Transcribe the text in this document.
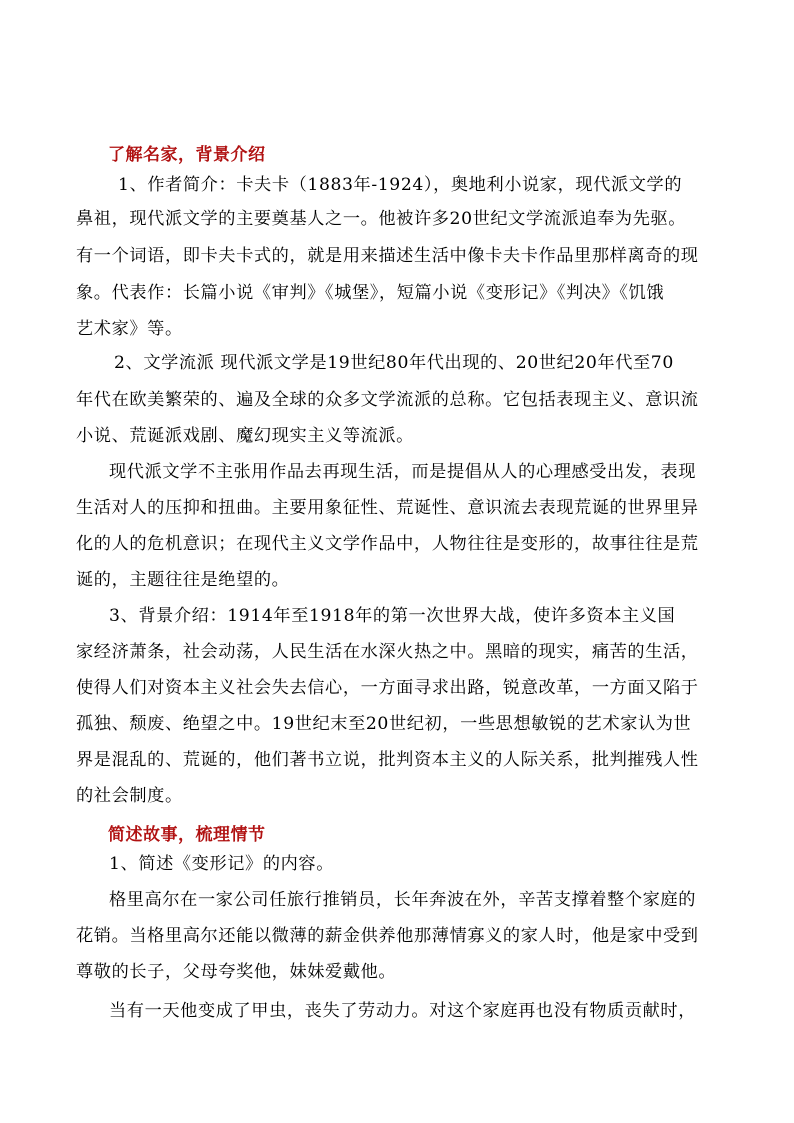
了解名家，背景介绍
1、作者简介：卡夫卡（1883年-1924），奥地利小说家，现代派文学的
鼻祖，现代派文学的主要奠基人之一。他被许多20世纪文学流派追奉为先驱。
有一个词语，即卡夫卡式的，就是用来描述生活中像卡夫卡作品里那样离奇的现
象。代表作：长篇小说《审判》《城堡》，短篇小说《变形记》《判决》《饥饿
艺术家》等。
2、文学流派 现代派文学是19世纪80年代出现的、20世纪20年代至70
年代在欧美繁荣的、遍及全球的众多文学流派的总称。它包括表现主义、意识流
小说、荒诞派戏剧、魔幻现实主义等流派。
现代派文学不主张用作品去再现生活，而是提倡从人的心理感受出发，表现
生活对人的压抑和扭曲。主要用象征性、荒诞性、意识流去表现荒诞的世界里异
化的人的危机意识；在现代主义文学作品中，人物往往是变形的，故事往往是荒
诞的，主题往往是绝望的。
3、背景介绍：1914年至1918年的第一次世界大战，使许多资本主义国
家经济萧条，社会动荡，人民生活在水深火热之中。黑暗的现实，痛苦的生活，
使得人们对资本主义社会失去信心，一方面寻求出路，锐意改革，一方面又陷于
孤独、颓废、绝望之中。19世纪末至20世纪初，一些思想敏锐的艺术家认为世
界是混乱的、荒诞的，他们著书立说，批判资本主义的人际关系，批判摧残人性
的社会制度。
简述故事，梳理情节
1、简述《变形记》的内容。
格里高尔在一家公司任旅行推销员，长年奔波在外，辛苦支撑着整个家庭的
花销。当格里高尔还能以微薄的薪金供养他那薄情寡义的家人时，他是家中受到
尊敬的长子，父母夸奖他，妹妹爱戴他。
当有一天他变成了甲虫，丧失了劳动力。对这个家庭再也没有物质贡献时，
